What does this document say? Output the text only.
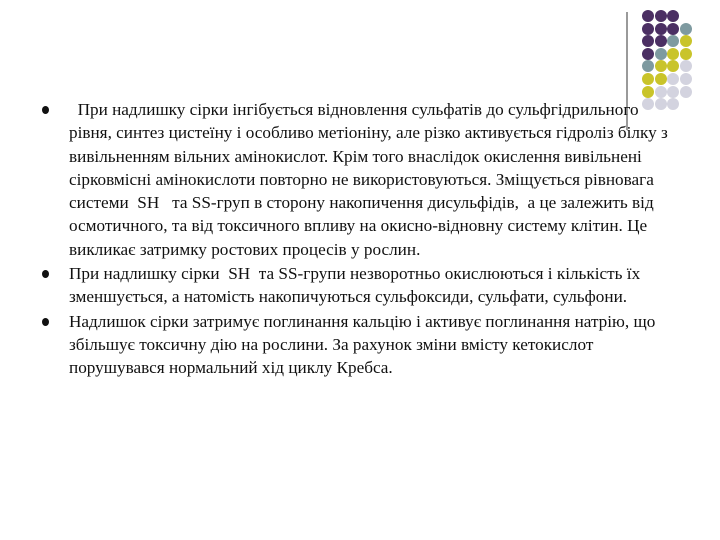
При надлишку сірки інгібується відновлення сульфатів до сульфгідрильного рівня, синтез цистеїну і особливо метіоніну, але різко активується гідроліз білку з вивільненням вільних амінокислот. Крім того внаслідок окислення вивільнені  сірковмісні амінокислоти повторно не використовуються. Зміщується рівновага системи  SH   та SS-груп в сторону накопичення дисульфідів,  а це залежить від осмотичного, та від токсичного впливу на окисно-відновну систему клітин. Це викликає затримку ростових процесів у рослин.
При надлишку сірки  SH  та SS-групи незворотньо окислюються і кількість їх зменшується, а натомість накопичуються сульфоксиди, сульфати, сульфони.
Надлишок сірки затримує поглинання кальцію і активує поглинання натрію, що збільшує токсичну дію на рослини. За рахунок зміни вмісту кетокислот порушувався нормальний хід циклу Кребса.
